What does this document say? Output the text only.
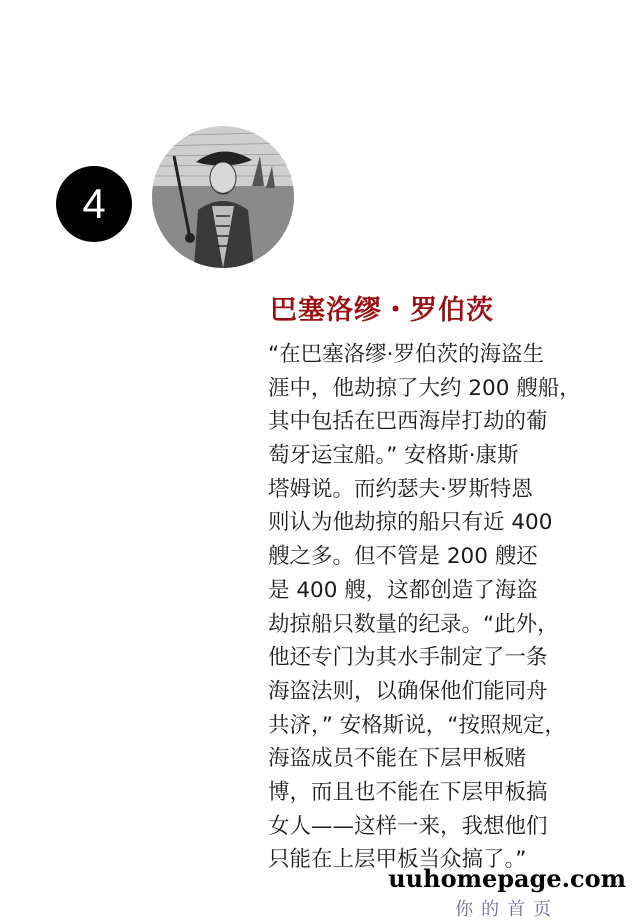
4
巴塞洛缪・罗伯茨
“在巴塞洛缪·罗伯茨的海盗生
涯中，他劫掠了大约 200 艘船，
其中包括在巴西海岸打劫的葡
萄牙运宝船。” 安格斯·康斯
塔姆说。而约瑟夫·罗斯特恩
则认为他劫掠的船只有近 400
艘之多。但不管是 200 艘还
是 400 艘，这都创造了海盗
劫掠船只数量的纪录。“此外，
他还专门为其水手制定了一条
海盗法则，以确保他们能同舟
共济，” 安格斯说，“按照规定，
海盗成员不能在下层甲板赌
博，而且也不能在下层甲板搞
女人——这样一来，我想他们
只能在上层甲板当众搞了。”
uuhomepage.com
你的首页
